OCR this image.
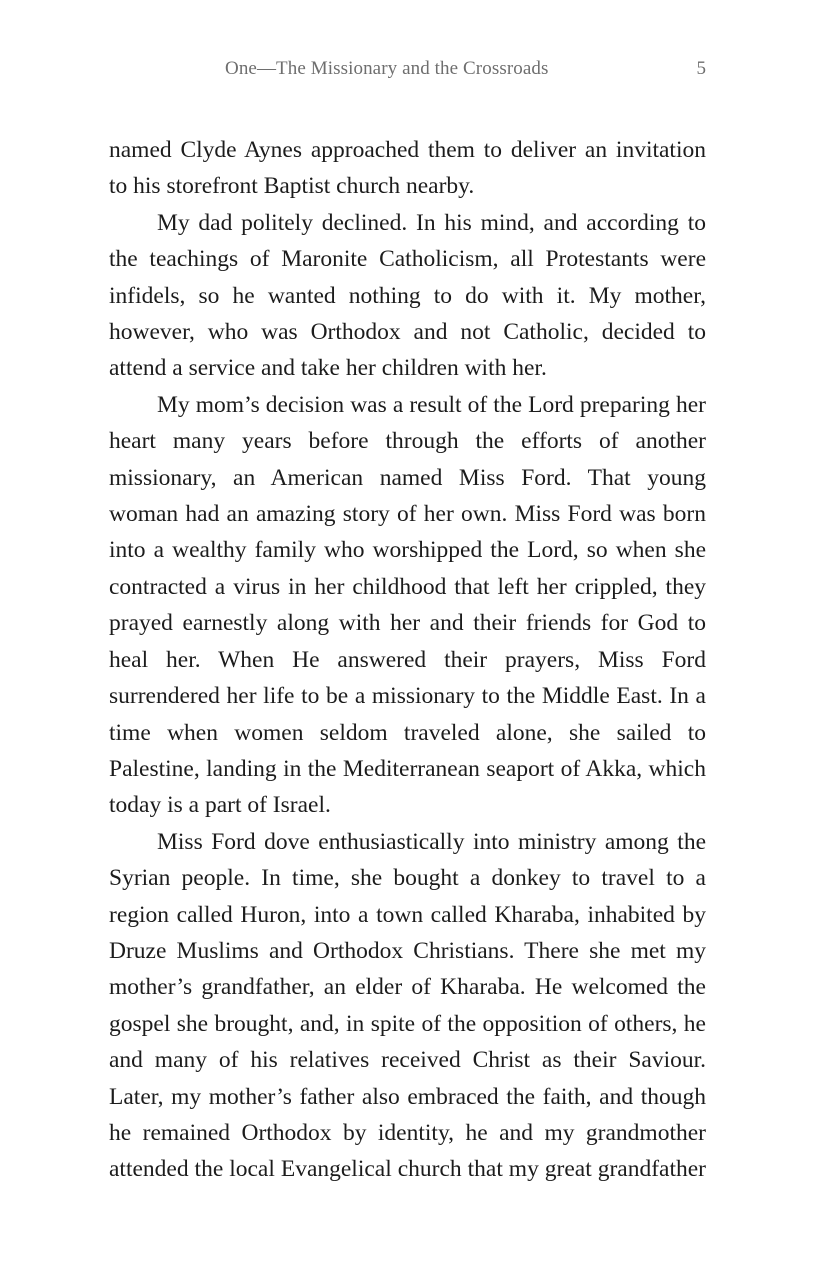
One—The Missionary and the Crossroads	5

named Clyde Aynes approached them to deliver an invitation to his storefront Baptist church nearby.

My dad politely declined. In his mind, and according to the teachings of Maronite Catholicism, all Protestants were infidels, so he wanted nothing to do with it. My mother, however, who was Orthodox and not Catholic, decided to attend a service and take her children with her.

My mom’s decision was a result of the Lord preparing her heart many years before through the efforts of another missionary, an American named Miss Ford. That young woman had an amazing story of her own. Miss Ford was born into a wealthy family who worshipped the Lord, so when she contracted a virus in her childhood that left her crippled, they prayed earnestly along with her and their friends for God to heal her. When He answered their prayers, Miss Ford surrendered her life to be a missionary to the Middle East. In a time when women seldom traveled alone, she sailed to Palestine, landing in the Mediterranean seaport of Akka, which today is a part of Israel.

Miss Ford dove enthusiastically into ministry among the Syrian people. In time, she bought a donkey to travel to a region called Huron, into a town called Kharaba, inhabited by Druze Muslims and Orthodox Christians. There she met my mother’s grandfather, an elder of Kharaba. He welcomed the gospel she brought, and, in spite of the opposition of others, he and many of his relatives received Christ as their Saviour. Later, my mother’s father also embraced the faith, and though he remained Orthodox by identity, he and my grandmother attended the local Evangelical church that my great grandfather
